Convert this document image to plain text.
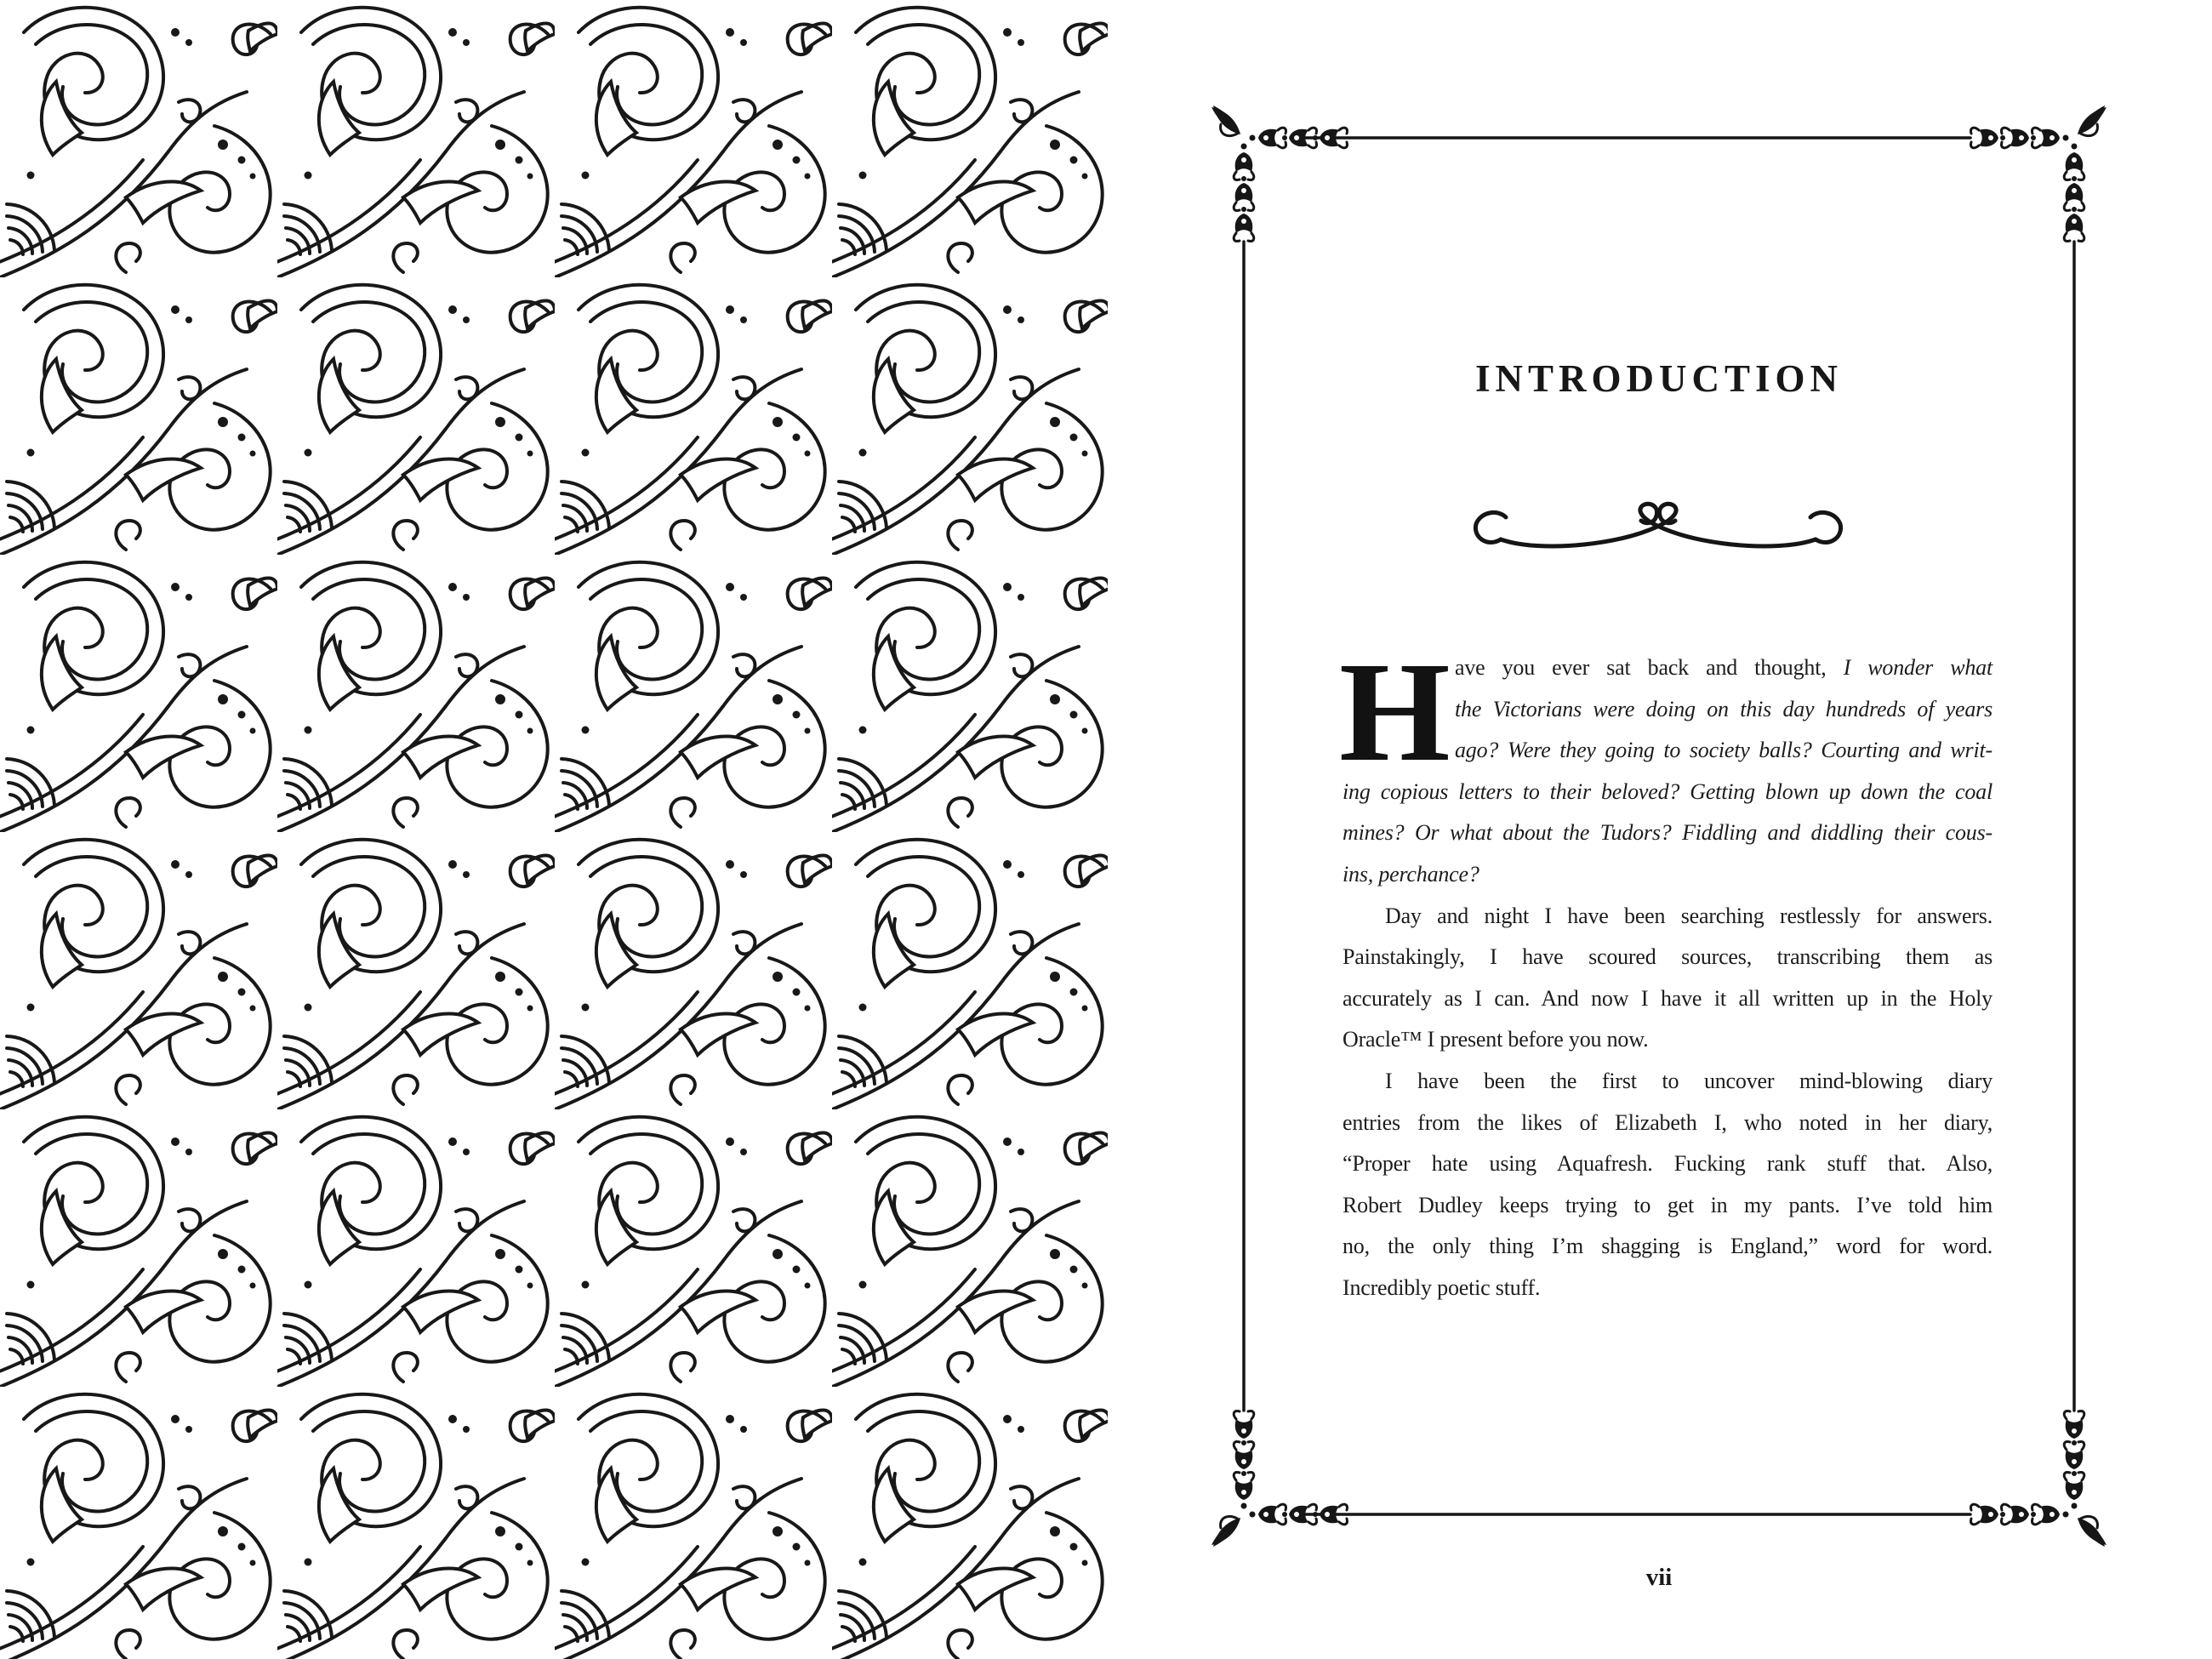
INTRODUCTION
H ave you ever sat back and thought, I wonder what
the Victorians were doing on this day hundreds of years
ago? Were they going to society balls? Courting and writ-
ing copious letters to their beloved? Getting blown up down the coal
mines? Or what about the Tudors? Fiddling and diddling their cous-
ins, perchance?
Day and night I have been searching restlessly for answers.
Painstakingly, I have scoured sources, transcribing them as
accurately as I can. And now I have it all written up in the Holy
Oracle™ I present before you now.
I have been the first to uncover mind-blowing diary
entries from the likes of Elizabeth I, who noted in her diary,
“Proper hate using Aquafresh. Fucking rank stuff that. Also,
Robert Dudley keeps trying to get in my pants. I’ve told him
no, the only thing I’m shagging is England,” word for word.
Incredibly poetic stuff.
vii
